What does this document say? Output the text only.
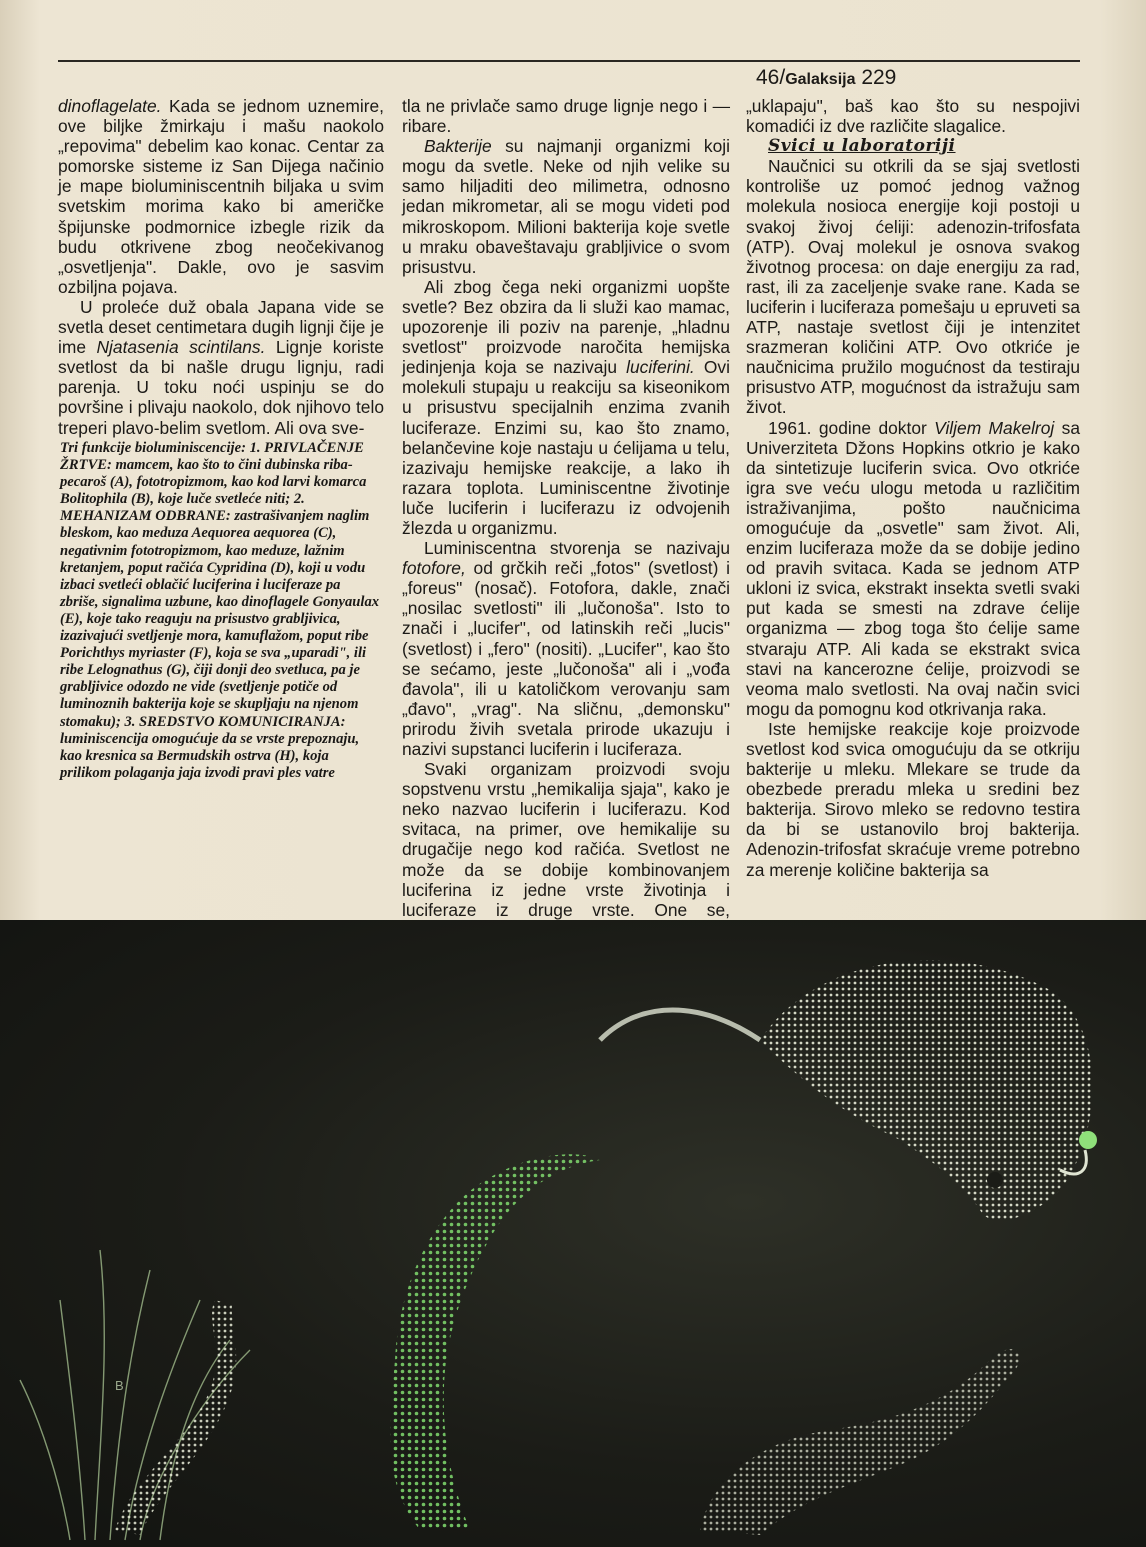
46/Galaksija 229

dinoflagelate. Kada se jednom uznemire, ove biljke žmirkaju i mašu naokolo „repovima" debelim kao konac. Centar za pomorske sisteme iz San Dijega načinio je mape bioluminiscentnih biljaka u svim svetskim morima kako bi američke špijunske podmornice izbegle rizik da budu otkrivene zbog neočekivanog „osvetljenja". Dakle, ovo je sasvim ozbiljna pojava.

U proleće duž obala Japana vide se svetla deset centimetara dugih lignji čije je ime Njatasenia scintilans. Lignje koriste svetlost da bi našle drugu lignju, radi parenja. U toku noći uspinju se do površine i plivaju naokolo, dok njihovo telo treperi plavo-belim svetlom. Ali ova sve-

Tri funkcije bioluminiscencije: 1. PRIVLAČENJE ŽRTVE: mamcem, kao što to čini dubinska riba-pecaroš (A), fototropizmom, kao kod larvi komarca Bolitophila (B), koje luče svetleće niti; 2. MEHANIZAM ODBRANE: zastrašivanjem naglim bleskom, kao meduza Aequorea aequorea (C), negativnim fototropizmom, kao meduze, lažnim kretanjem, poput račića Cypridina (D), koji u vodu izbaci svetleći oblačić luciferina i luciferaze pa zbriše, signalima uzbune, kao dinoflagele Gonyaulax (E), koje tako reaguju na prisustvo grabljivica, izazivajući svetljenje mora, kamuflažom, poput ribe Porichthys myriaster (F), koja se sva „uparadi", ili ribe Lelognathus (G), čiji donji deo svetluca, pa je grabljivice odozdo ne vide (svetljenje potiče od luminoznih bakterija koje se skupljaju na njenom stomaku); 3. SREDSTVO KOMUNICIRANJA: luminiscencija omogućuje da se vrste prepoznaju, kao kresnica sa Bermudskih ostrva (H), koja prilikom polaganja jaja izvodi pravi ples vatre

tla ne privlače samo druge lignje nego i — ribare.

Bakterije su najmanji organizmi koji mogu da svetle. Neke od njih velike su samo hiljaditi deo milimetra, odnosno jedan mikrometar, ali se mogu videti pod mikroskopom. Milioni bakterija koje svetle u mraku obaveštavaju grabljivice o svom prisustvu.

Ali zbog čega neki organizmi uopšte svetle? Bez obzira da li služi kao mamac, upozorenje ili poziv na parenje, „hladnu svetlost" proizvode naročita hemijska jedinjenja koja se nazivaju luciferini. Ovi molekuli stupaju u reakciju sa kiseonikom u prisustvu specijalnih enzima zvanih luciferaze. Enzimi su, kao što znamo, belančevine koje nastaju u ćelijama u telu, izazivaju hemijske reakcije, a lako ih razara toplota. Luminiscentne životinje luče luciferin i luciferazu iz odvojenih žlezda u organizmu.

Luminiscentna stvorenja se nazivaju fotofore, od grčkih reči „fotos" (svetlost) i „foreus" (nosač). Fotofora, dakle, znači „nosilac svetlosti" ili „lučonoša". Isto to znači i „lucifer", od latinskih reči „lucis" (svetlost) i „fero" (nositi). „Lucifer", kao što se sećamo, jeste „lučonoša" ali i „vođa đavola", ili u katoličkom verovanju sam „đavo", „vrag". Na sličnu, „demonsku" prirodu živih svetala prirode ukazuju i nazivi supstanci luciferin i luciferaza.

Svaki organizam proizvodi svoju sopstvenu vrstu „hemikalija sjaja", kako je neko nazvao luciferin i luciferazu. Kod svitaca, na primer, ove hemikalije su drugačije nego kod račića. Svetlost ne može da se dobije kombinovanjem luciferina iz jedne vrste životinja i luciferaze iz druge vrste. One se,

„uklapaju", baš kao što su nespojivi komadići iz dve različite slagalice.

Svici u laboratoriji

Naučnici su otkrili da se sjaj svetlosti kontroliše uz pomoć jednog važnog molekula nosioca energije koji postoji u svakoj živoj ćeliji: adenozin-trifosfata (ATP). Ovaj molekul je osnova svakog životnog procesa: on daje energiju za rad, rast, ili za zaceljenje svake rane. Kada se luciferin i luciferaza pomešaju u epruveti sa ATP, nastaje svetlost čiji je intenzitet srazmeran količini ATP. Ovo otkriće je naučnicima pružilo mogućnost da testiraju prisustvo ATP, mogućnost da istražuju sam život.

1961. godine doktor Viljem Makelroj sa Univerziteta Džons Hopkins otkrio je kako da sintetizuje luciferin svica. Ovo otkriće igra sve veću ulogu metoda u različitim istraživanjima, pošto naučnicima omogućuje da „osvetle" sam život. Ali, enzim luciferaza može da se dobije jedino od pravih svitaca. Kada se jednom ATP ukloni iz svica, ekstrakt insekta svetli svaki put kada se smesti na zdrave ćelije organizma — zbog toga što ćelije same stvaraju ATP. Ali kada se ekstrakt svica stavi na kancerozne ćelije, proizvodi se veoma malo svetlosti. Na ovaj način svici mogu da pomognu kod otkrivanja raka.

Iste hemijske reakcije koje proizvode svetlost kod svica omogućuju da se otkriju bakterije u mleku. Mlekare se trude da obezbede preradu mleka u sredini bez bakterija. Sirovo mleko se redovno testira da bi se ustanovilo broj bakterija. Adenozin-trifosfat skraćuje vreme potrebno za merenje količine bakterija sa

B
